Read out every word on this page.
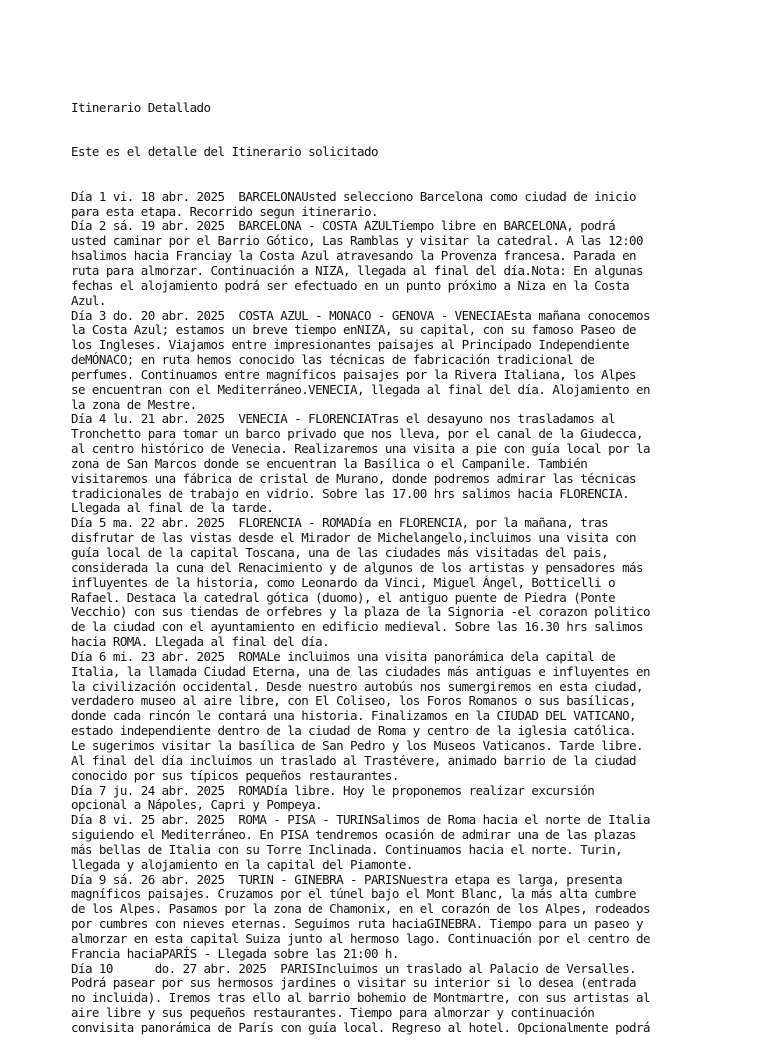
Itinerario Detallado

Este es el detalle del Itinerario solicitado

Día 1 vi. 18 abr. 2025  BARCELONAUsted selecciono Barcelona como ciudad de inicio
para esta etapa. Recorrido segun itinerario.
Día 2 sá. 19 abr. 2025  BARCELONA - COSTA AZULTiempo libre en BARCELONA, podrá
usted caminar por el Barrio Gótico, Las Ramblas y visitar la catedral. A las 12:00
hsalimos hacia Franciay la Costa Azul atravesando la Provenza francesa. Parada en
ruta para almorzar. Continuación a NIZA, llegada al final del día.Nota: En algunas
fechas el alojamiento podrá ser efectuado en un punto próximo a Niza en la Costa
Azul.
Día 3 do. 20 abr. 2025  COSTA AZUL - MONACO - GENOVA - VENECIAEsta mañana conocemos
la Costa Azul; estamos un breve tiempo enNIZA, su capital, con su famoso Paseo de
los Ingleses. Viajamos entre impresionantes paisajes al Principado Independiente
deMÓNACO; en ruta hemos conocido las técnicas de fabricación tradicional de
perfumes. Continuamos entre magníficos paisajes por la Rivera Italiana, los Alpes
se encuentran con el Mediterráneo.VENECIA, llegada al final del día. Alojamiento en
la zona de Mestre.
Día 4 lu. 21 abr. 2025  VENECIA - FLORENCIATras el desayuno nos trasladamos al
Tronchetto para tomar un barco privado que nos lleva, por el canal de la Giudecca,
al centro histórico de Venecia. Realizaremos una visita a pie con guía local por la
zona de San Marcos donde se encuentran la Basílica o el Campanile. También
visitaremos una fábrica de cristal de Murano, donde podremos admirar las técnicas
tradicionales de trabajo en vidrio. Sobre las 17.00 hrs salimos hacia FLORENCIA.
Llegada al final de la tarde.
Día 5 ma. 22 abr. 2025  FLORENCIA - ROMADía en FLORENCIA, por la mañana, tras
disfrutar de las vistas desde el Mirador de Michelangelo,incluimos una visita con
guía local de la capital Toscana, una de las ciudades más visitadas del pais,
considerada la cuna del Renacimiento y de algunos de los artistas y pensadores más
influyentes de la historia, como Leonardo da Vinci, Miguel Ángel, Botticelli o
Rafael. Destaca la catedral gótica (duomo), el antiguo puente de Piedra (Ponte
Vecchio) con sus tiendas de orfebres y la plaza de la Signoria -el corazon politico
de la ciudad con el ayuntamiento en edificio medieval. Sobre las 16.30 hrs salimos
hacia ROMA. Llegada al final del día.
Día 6 mi. 23 abr. 2025  ROMALe incluimos una visita panorámica dela capital de
Italia, la llamada Ciudad Eterna, una de las ciudades más antiguas e influyentes en
la civilización occidental. Desde nuestro autobús nos sumergiremos en esta ciudad,
verdadero museo al aire libre, con El Coliseo, los Foros Romanos o sus basílicas,
donde cada rincón le contará una historia. Finalizamos en la CIUDAD DEL VATICANO,
estado independiente dentro de la ciudad de Roma y centro de la iglesia católica.
Le sugerimos visitar la basílica de San Pedro y los Museos Vaticanos. Tarde libre.
Al final del día incluimos un traslado al Trastévere, animado barrio de la ciudad
conocido por sus típicos pequeños restaurantes.
Día 7 ju. 24 abr. 2025  ROMADía libre. Hoy le proponemos realizar excursión
opcional a Nápoles, Capri y Pompeya.
Día 8 vi. 25 abr. 2025  ROMA - PISA - TURINSalimos de Roma hacia el norte de Italia
siguiendo el Mediterráneo. En PISA tendremos ocasión de admirar una de las plazas
más bellas de Italia con su Torre Inclinada. Continuamos hacia el norte. Turin,
llegada y alojamiento en la capital del Piamonte.
Día 9 sá. 26 abr. 2025  TURIN - GINEBRA - PARISNuestra etapa es larga, presenta
magníficos paisajes. Cruzamos por el túnel bajo el Mont Blanc, la más alta cumbre
de los Alpes. Pasamos por la zona de Chamonix, en el corazón de los Alpes, rodeados
por cumbres con nieves eternas. Seguimos ruta haciaGINEBRA. Tiempo para un paseo y
almorzar en esta capital Suiza junto al hermoso lago. Continuación por el centro de
Francia haciaPARÍS - Llegada sobre las 21:00 h.
Día 10      do. 27 abr. 2025  PARISIncluimos un traslado al Palacio de Versalles.
Podrá pasear por sus hermosos jardines o visitar su interior si lo desea (entrada
no incluida). Iremos tras ello al barrio bohemio de Montmartre, con sus artistas al
aire libre y sus pequeños restaurantes. Tiempo para almorzar y continuación
convisita panorámica de París con guía local. Regreso al hotel. Opcionalmente podrá
